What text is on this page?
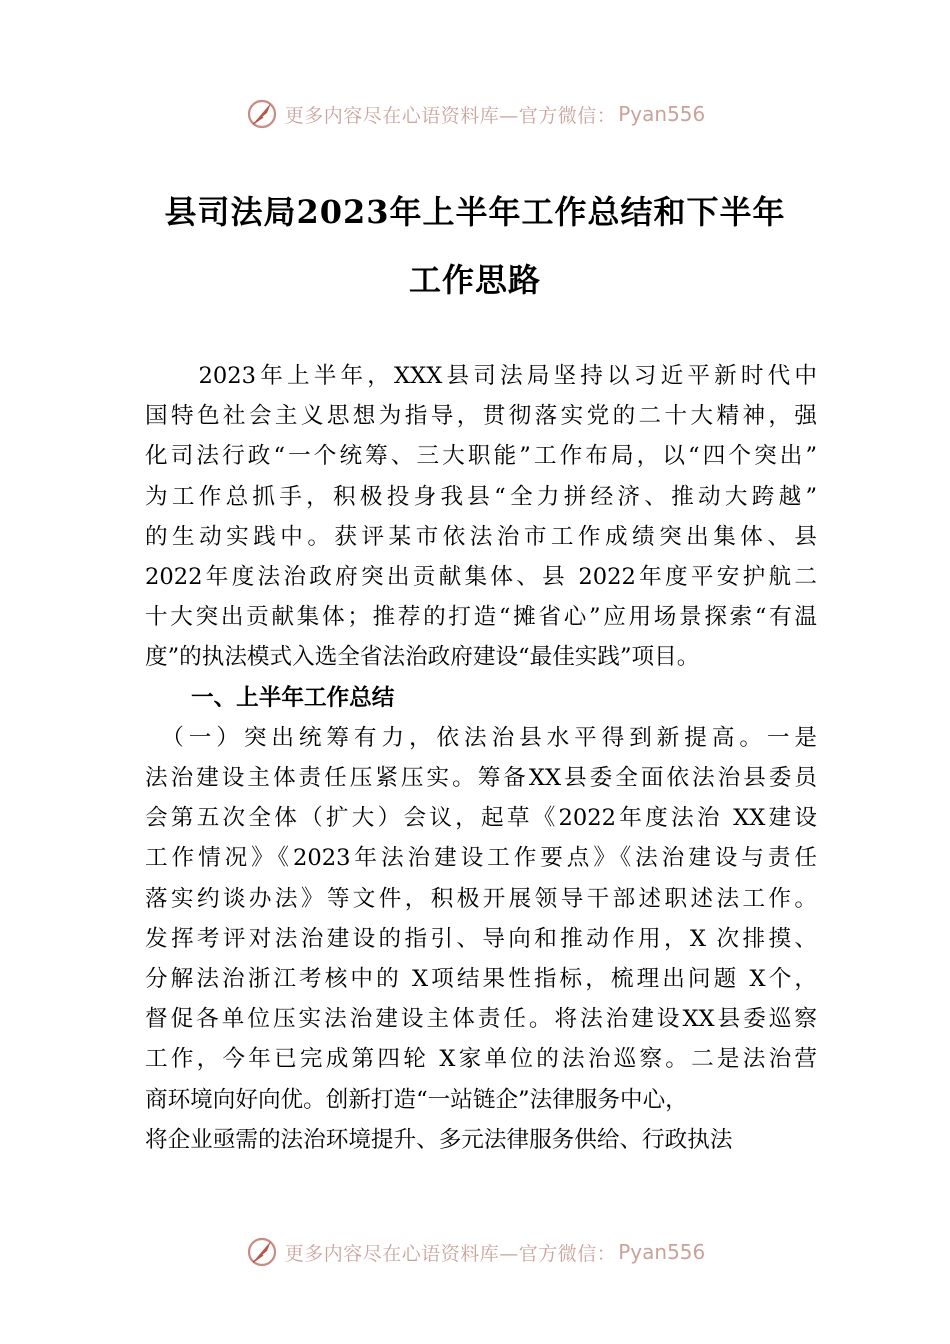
更多内容尽在心语资料库—官方微信： Pyan556
县司法局2023年上半年工作总结和下半年
工作思路

　　2023年上半年，XXX县司法局坚持以习近平新时代中
国特色社会主义思想为指导，贯彻落实党的二十大精神，强
化司法行政“一个统筹、三大职能”工作布局，以“四个突出”
为工作总抓手，积极投身我县“全力拼经济、推动大跨越”
的生动实践中。获评某市依法治市工作成绩突出集体、县
2022年度法治政府突出贡献集体、县 2022年度平安护航二
十大突出贡献集体；推荐的打造“摊省心”应用场景探索“有温
度”的执法模式入选全省法治政府建设“最佳实践”项目。

一、上半年工作总结

　（一）突出统筹有力，依法治县水平得到新提高。一是
法治建设主体责任压紧压实。筹备XX县委全面依法治县委员
会第五次全体（扩大）会议，起草《2022年度法治 XX建设
工作情况》《2023年法治建设工作要点》《法治建设与责任
落实约谈办法》等文件，积极开展领导干部述职述法工作。
发挥考评对法治建设的指引、导向和推动作用，X 次排摸、
分解法治浙江考核中的 X项结果性指标，梳理出问题 X个，
督促各单位压实法治建设主体责任。将法治建设XX县委巡察
工作，今年已完成第四轮 X家单位的法治巡察。二是法治营
商环境向好向优。创新打造“一站链企”法律服务中心，
将企业亟需的法治环境提升、多元法律服务供给、行政执法

更多内容尽在心语资料库—官方微信： Pyan556
